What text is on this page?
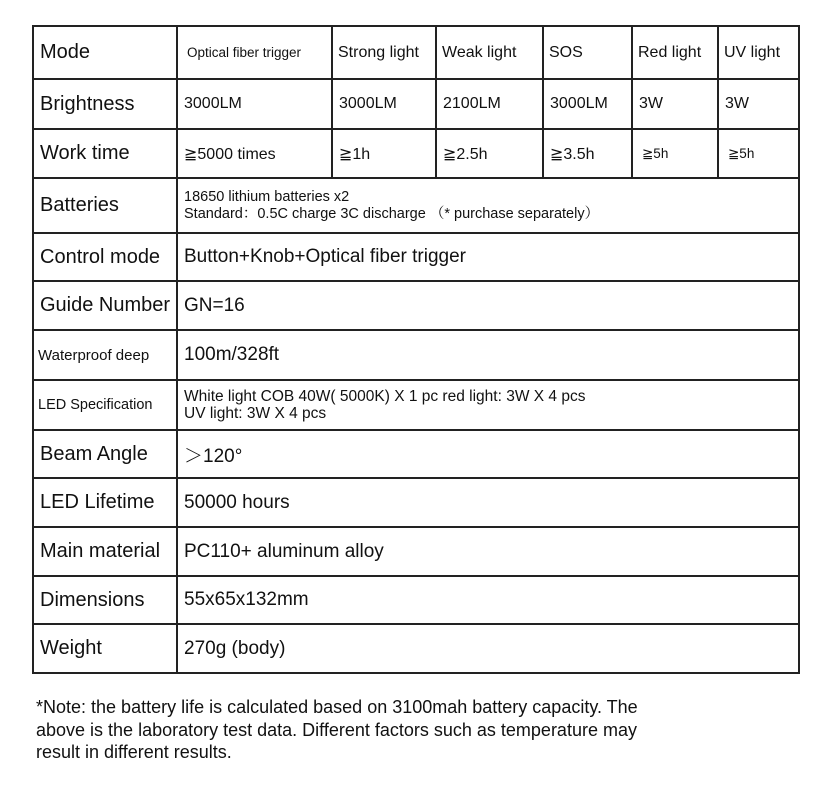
Mode	Optical fiber trigger	Strong light	Weak light	SOS	Red light	UV light
Brightness	3000LM	3000LM	2100LM	3000LM	3W	3W
Work time	≧5000 times	≧1h	≧2.5h	≧3.5h	≧5h	≧5h
Batteries	18650 lithium batteries x2
Standard：0.5C charge 3C discharge （* purchase separately）					

Control mode	Button+Knob+Optical fiber trigger					
Guide Number	GN=16					
Waterproof deep	100m/328ft					
LED Specification	White light COB 40W( 5000K) X 1 pc red light: 3W X 4 pcs
UV light: 3W X 4 pcs					

Beam Angle	＞120°					
LED Lifetime	50000 hours					
Main material	PC110+ aluminum alloy					
Dimensions	55x65x132mm					
Weight	270g (body)					
*Note: the battery life is calculated based on 3100mah battery capacity. The
above is the laboratory test data. Different factors such as temperature may
result in different results.
